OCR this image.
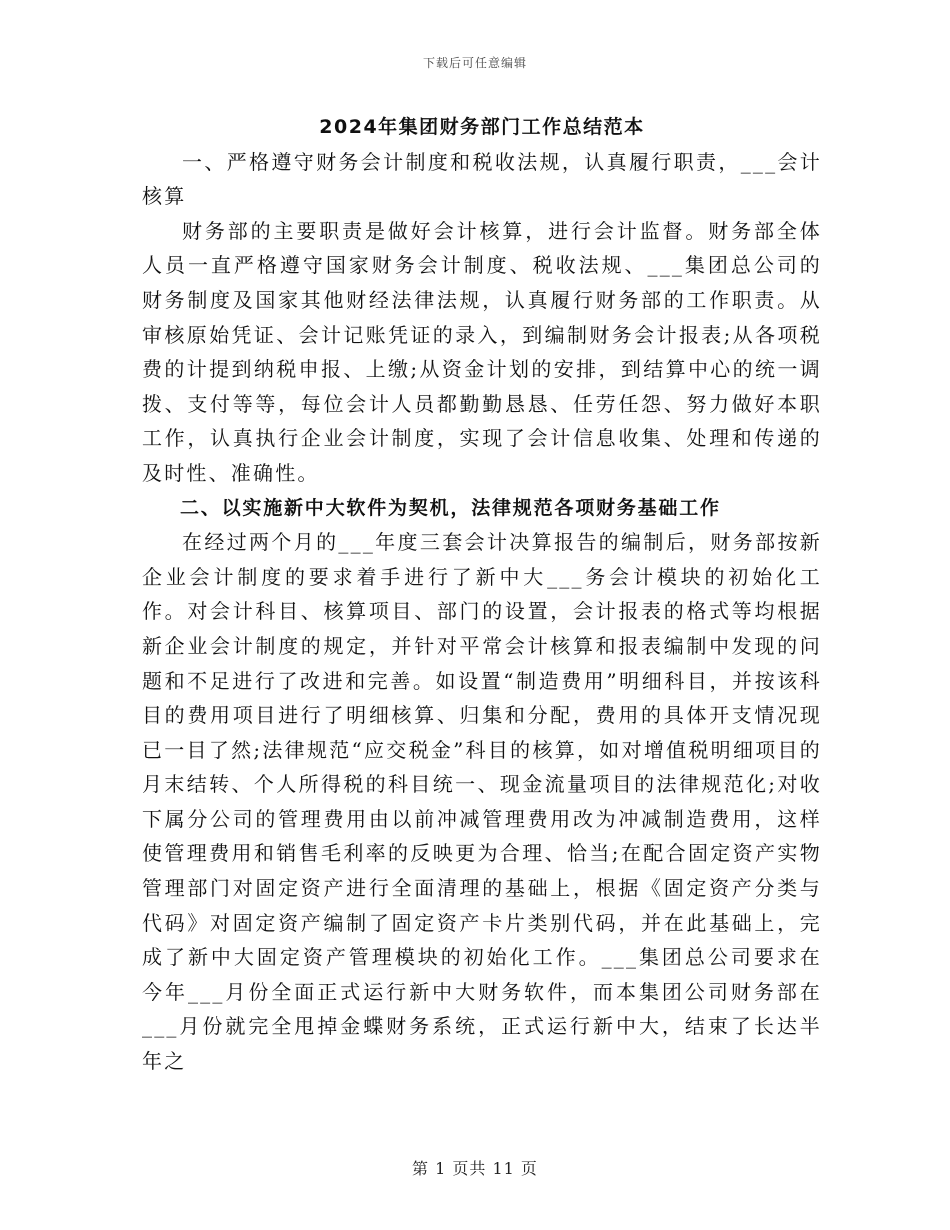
下载后可任意编辑

2024年集团财务部门工作总结范本

一、严格遵守财务会计制度和税收法规，认真履行职责，___会计核算

财务部的主要职责是做好会计核算，进行会计监督。财务部全体人员一直严格遵守国家财务会计制度、税收法规、___集团总公司的财务制度及国家其他财经法律法规，认真履行财务部的工作职责。从审核原始凭证、会计记账凭证的录入，到编制财务会计报表;从各项税费的计提到纳税申报、上缴;从资金计划的安排，到结算中心的统一调拨、支付等等，每位会计人员都勤勤恳恳、任劳任怨、努力做好本职工作，认真执行企业会计制度，实现了会计信息收集、处理和传递的及时性、准确性。

二、以实施新中大软件为契机，法律规范各项财务基础工作

在经过两个月的___年度三套会计决算报告的编制后，财务部按新企业会计制度的要求着手进行了新中大___务会计模块的初始化工作。对会计科目、核算项目、部门的设置，会计报表的格式等均根据新企业会计制度的规定，并针对平常会计核算和报表编制中发现的问题和不足进行了改进和完善。如设置“制造费用”明细科目，并按该科目的费用项目进行了明细核算、归集和分配，费用的具体开支情况现已一目了然;法律规范“应交税金”科目的核算，如对增值税明细项目的月末结转、个人所得税的科目统一、现金流量项目的法律规范化;对收下属分公司的管理费用由以前冲减管理费用改为冲减制造费用，这样使管理费用和销售毛利率的反映更为合理、恰当;在配合固定资产实物管理部门对固定资产进行全面清理的基础上，根据《固定资产分类与代码》对固定资产编制了固定资产卡片类别代码，并在此基础上，完成了新中大固定资产管理模块的初始化工作。___集团总公司要求在今年___月份全面正式运行新中大财务软件，而本集团公司财务部在___月份就完全甩掉金蝶财务系统，正式运行新中大，结束了长达半年之

第 1 页共 11 页
